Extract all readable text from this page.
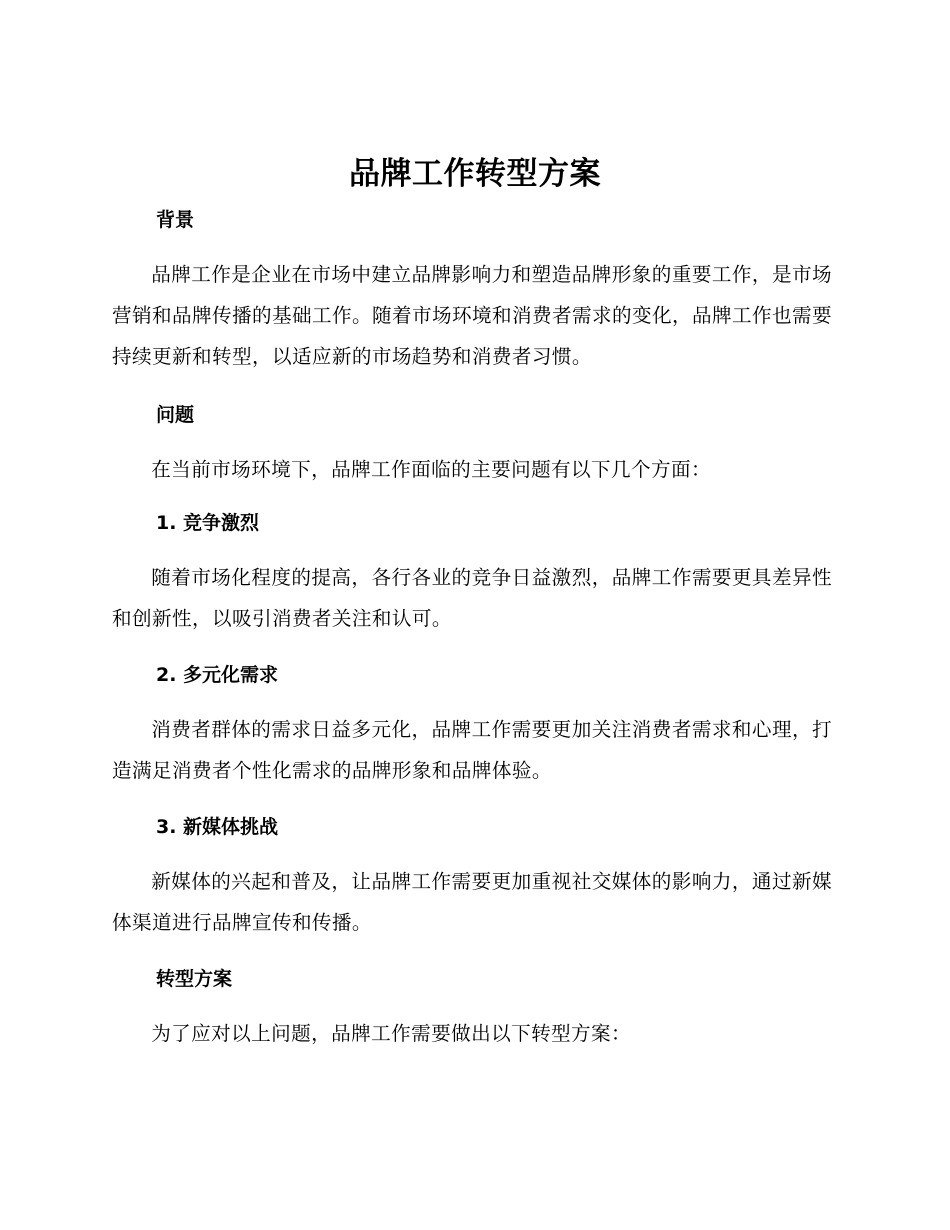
品牌工作转型方案
背景
品牌工作是企业在市场中建立品牌影响力和塑造品牌形象的重要工作，是市场营销和品牌传播的基础工作。随着市场环境和消费者需求的变化，品牌工作也需要持续更新和转型，以适应新的市场趋势和消费者习惯。
问题
在当前市场环境下，品牌工作面临的主要问题有以下几个方面：
1. 竞争激烈
随着市场化程度的提高，各行各业的竞争日益激烈，品牌工作需要更具差异性和创新性，以吸引消费者关注和认可。
2. 多元化需求
消费者群体的需求日益多元化，品牌工作需要更加关注消费者需求和心理，打造满足消费者个性化需求的品牌形象和品牌体验。
3. 新媒体挑战
新媒体的兴起和普及，让品牌工作需要更加重视社交媒体的影响力，通过新媒体渠道进行品牌宣传和传播。
转型方案
为了应对以上问题，品牌工作需要做出以下转型方案：
